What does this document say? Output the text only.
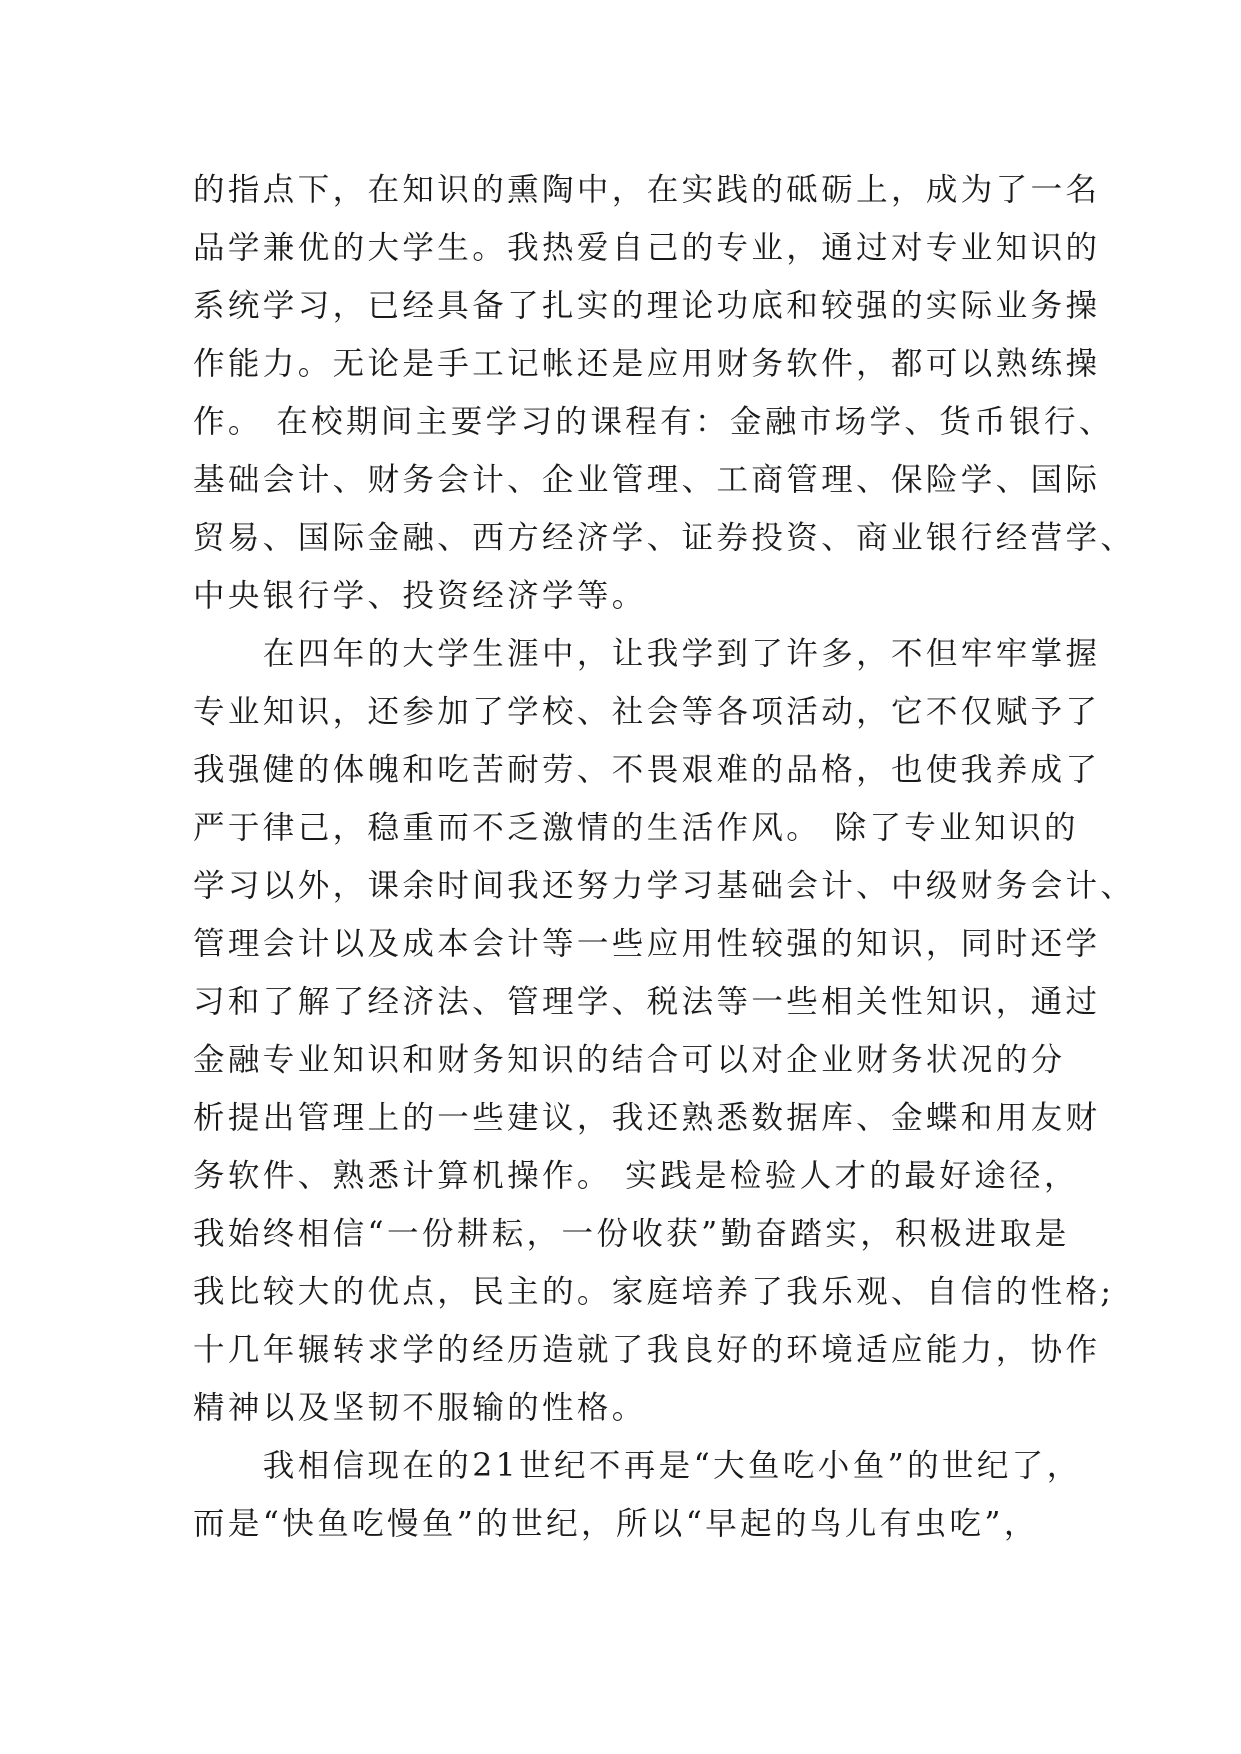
的指点下，在知识的熏陶中，在实践的砥砺上，成为了一名
品学兼优的大学生。我热爱自己的专业，通过对专业知识的
系统学习，已经具备了扎实的理论功底和较强的实际业务操
作能力。无论是手工记帐还是应用财务软件，都可以熟练操
作。 在校期间主要学习的课程有：金融市场学、货币银行、
基础会计、财务会计、企业管理、工商管理、保险学、国际
贸易、国际金融、西方经济学、证券投资、商业银行经营学、
中央银行学、投资经济学等。
　　在四年的大学生涯中，让我学到了许多，不但牢牢掌握
专业知识，还参加了学校、社会等各项活动，它不仅赋予了
我强健的体魄和吃苦耐劳、不畏艰难的品格，也使我养成了
严于律己，稳重而不乏激情的生活作风。 除了专业知识的
学习以外，课余时间我还努力学习基础会计、中级财务会计、
管理会计以及成本会计等一些应用性较强的知识，同时还学
习和了解了经济法、管理学、税法等一些相关性知识，通过
金融专业知识和财务知识的结合可以对企业财务状况的分
析提出管理上的一些建议，我还熟悉数据库、金蝶和用友财
务软件、熟悉计算机操作。 实践是检验人才的最好途径，
我始终相信“一份耕耘，一份收获”勤奋踏实，积极进取是
我比较大的优点，民主的。家庭培养了我乐观、自信的性格;
十几年辗转求学的经历造就了我良好的环境适应能力，协作
精神以及坚韧不服输的性格。
　　我相信现在的21世纪不再是“大鱼吃小鱼”的世纪了，
而是“快鱼吃慢鱼”的世纪，所以“早起的鸟儿有虫吃”，
